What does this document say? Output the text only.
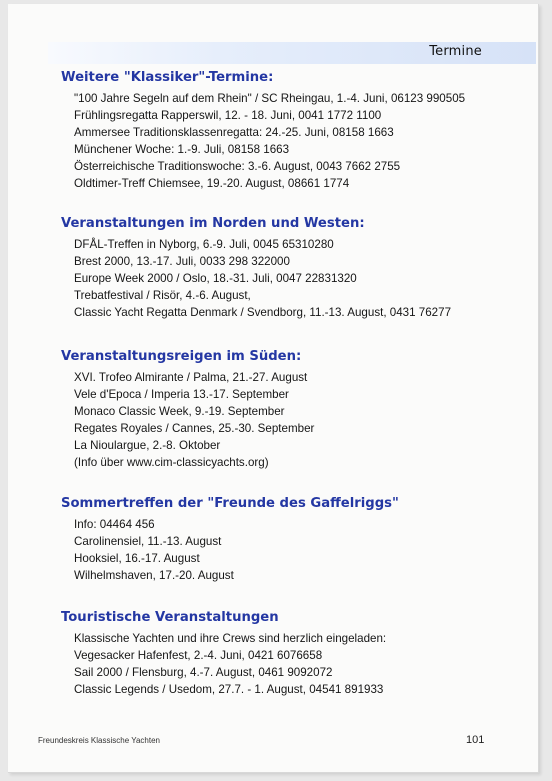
Termine
Weitere "Klassiker"-Termine:
"100 Jahre Segeln auf dem Rhein" / SC Rheingau, 1.-4. Juni, 06123 990505
Frühlingsregatta Rapperswil, 12. - 18. Juni, 0041 1772 1100
Ammersee Traditionsklassenregatta: 24.-25. Juni, 08158 1663
Münchener Woche: 1.-9. Juli, 08158 1663
Österreichische Traditionswoche: 3.-6. August, 0043 7662 2755
Oldtimer-Treff Chiemsee, 19.-20. August, 08661 1774
Veranstaltungen im Norden und Westen:
DFÅL-Treffen in Nyborg, 6.-9. Juli, 0045 65310280
Brest 2000, 13.-17. Juli, 0033 298 322000
Europe Week 2000 / Oslo, 18.-31. Juli, 0047 22831320
Trebatfestival / Risör, 4.-6. August,
Classic Yacht Regatta Denmark / Svendborg, 11.-13. August, 0431 76277
Veranstaltungsreigen im Süden:
XVI. Trofeo Almirante / Palma, 21.-27. August
Vele d'Epoca / Imperia 13.-17. September
Monaco Classic Week, 9.-19. September
Regates Royales / Cannes, 25.-30. September
La Nioulargue, 2.-8. Oktober
(Info über www.cim-classicyachts.org)
Sommertreffen der "Freunde des Gaffelriggs"
Info: 04464 456
Carolinensiel, 11.-13. August
Hooksiel, 16.-17. August
Wilhelmshaven, 17.-20. August
Touristische Veranstaltungen
Klassische Yachten und ihre Crews sind herzlich eingeladen:
Vegesacker Hafenfest, 2.-4. Juni, 0421 6076658
Sail 2000 / Flensburg, 4.-7. August, 0461 9092072
Classic Legends / Usedom, 27.7. - 1. August, 04541 891933
Freundeskreis Klassische Yachten	101
